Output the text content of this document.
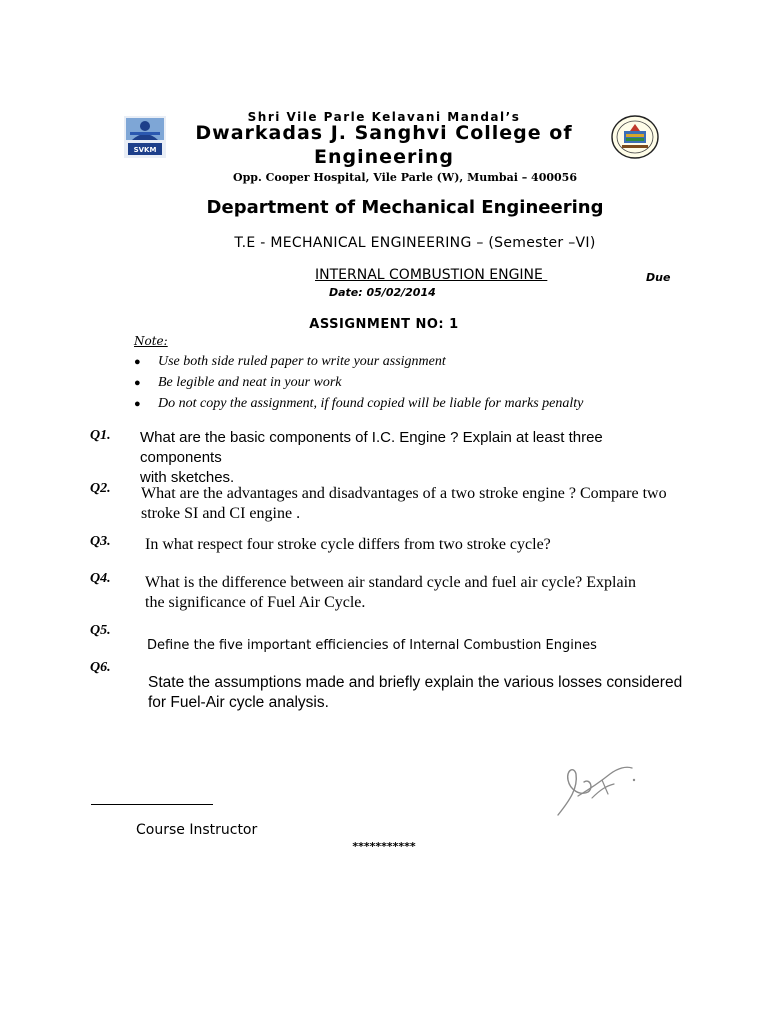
SVKM
Shri Vile Parle Kelavani Mandal’s
Dwarkadas J. Sanghvi College of
Engineering
Opp. Cooper Hospital, Vile Parle (W), Mumbai – 400056
Department of Mechanical Engineering
T.E - MECHANICAL ENGINEERING – (Semester –VI)
INTERNAL COMBUSTION ENGINE	Due
Date: 05/02/2014
ASSIGNMENT NO: 1
Note:
●	Use both side ruled paper to write your assignment
●	Be legible and neat in your work
●	Do not copy the assignment, if found copied will be liable for marks penalty
Q1. What are the basic components of I.C. Engine ? Explain at least three components
with sketches.
Q2. What are the advantages and disadvantages of a two stroke engine ? Compare two
stroke SI and CI engine .
Q3. In what respect four stroke cycle differs from two stroke cycle?
Q4. What is the difference between air standard cycle and fuel air cycle? Explain
the significance of Fuel Air Cycle.
Q5.
Define the five important efficiencies of Internal Combustion Engines
Q6.
State the assumptions made and briefly explain the various losses considered
for Fuel-Air cycle analysis.
Course Instructor
***********
